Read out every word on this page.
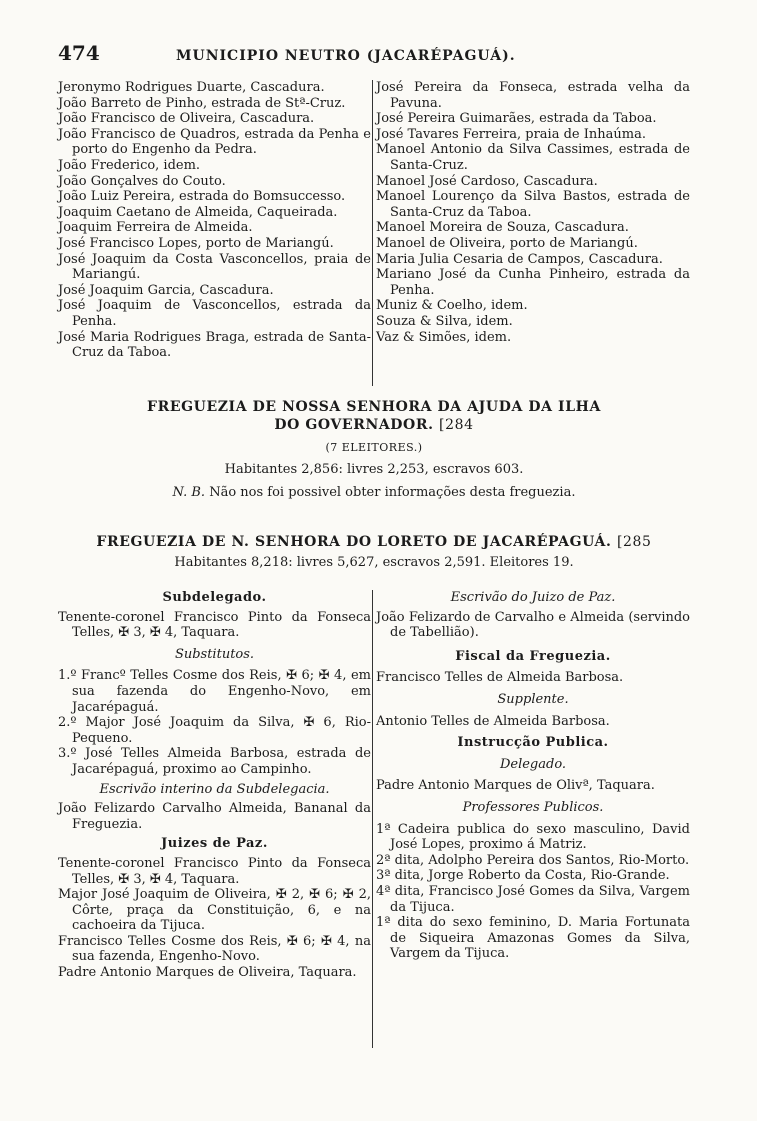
474	MUNICIPIO NEUTRO (JACARÉPAGUÁ).

Jeronymo Rodrigues Duarte, Cascadura.

João Barreto de Pinho, estrada de Stª-Cruz.

João Francisco de Oliveira, Cascadura.

João Francisco de Quadros, estrada da Penha e porto do Engenho da Pedra.

João Frederico, idem.

João Gonçalves do Couto.

João Luiz Pereira, estrada do Bomsuccesso.

Joaquim Caetano de Almeida, Caqueirada.

Joaquim Ferreira de Almeida.

José Francisco Lopes, porto de Mariangú.

José Joaquim da Costa Vasconcellos, praia de Mariangú.

José Joaquim Garcia, Cascadura.

José Joaquim de Vasconcellos, estrada da Penha.

José Maria Rodrigues Braga, estrada de Santa-Cruz da Taboa.

José Pereira da Fonseca, estrada velha da Pavuna.

José Pereira Guimarães, estrada da Taboa.

José Tavares Ferreira, praia de Inhaúma.

Manoel Antonio da Silva Cassimes, estrada de Santa-Cruz.

Manoel José Cardoso, Cascadura.

Manoel Lourenço da Silva Bastos, estrada de Santa-Cruz da Taboa.

Manoel Moreira de Souza, Cascadura.

Manoel de Oliveira, porto de Mariangú.

Maria Julia Cesaria de Campos, Cascadura.

Mariano José da Cunha Pinheiro, estrada da Penha.

Muniz & Coelho, idem.

Souza & Silva, idem.

Vaz & Simões, idem.

FREGUEZIA DE NOSSA SENHORA DA AJUDA DA ILHA
DO GOVERNADOR. [284

(7 ELEITORES.)

Habitantes 2,856: livres 2,253, escravos 603.

N. B. Não nos foi possivel obter informações desta freguezia.

FREGUEZIA DE N. SENHORA DO LORETO DE JACARÉPAGUÁ. [285

Habitantes 8,218: livres 5,627, escravos 2,591. Eleitores 19.

Subdelegado.

Tenente-coronel Francisco Pinto da Fonseca Telles, ✠ 3, ✠ 4, Taquara.

Substitutos.

1.º Francº Telles Cosme dos Reis, ✠ 6; ✠ 4, em sua fazenda do Engenho-Novo, em Jacarépaguá.

2.º Major José Joaquim da Silva, ✠ 6, Rio-Pequeno.

3.º José Telles Almeida Barbosa, estrada de Jacarépaguá, proximo ao Campinho.

Escrivão interino da Subdelegacia.

João Felizardo Carvalho Almeida, Bananal da Freguezia.

Juizes de Paz.

Tenente-coronel Francisco Pinto da Fonseca Telles, ✠ 3, ✠ 4, Taquara.

Major José Joaquim de Oliveira, ✠ 2, ✠ 6; ✠ 2, Côrte, praça da Constituição, 6, e na cachoeira da Tijuca.

Francisco Telles Cosme dos Reis, ✠ 6; ✠ 4, na sua fazenda, Engenho-Novo.

Padre Antonio Marques de Oliveira, Taquara.

Escrivão do Juizo de Paz.

João Felizardo de Carvalho e Almeida (servindo de Tabellião).

Fiscal da Freguezia.

Francisco Telles de Almeida Barbosa.

Supplente.

Antonio Telles de Almeida Barbosa.

Instrucção Publica.

Delegado.

Padre Antonio Marques de Olivª, Taquara.

Professores Publicos.

1ª Cadeira publica do sexo masculino, David José Lopes, proximo á Matriz.

2ª dita, Adolpho Pereira dos Santos, Rio-Morto.

3ª dita, Jorge Roberto da Costa, Rio-Grande.

4ª dita, Francisco José Gomes da Silva, Vargem da Tijuca.

1ª dita do sexo feminino, D. Maria Fortunata de Siqueira Amazonas Gomes da Silva, Vargem da Tijuca.
